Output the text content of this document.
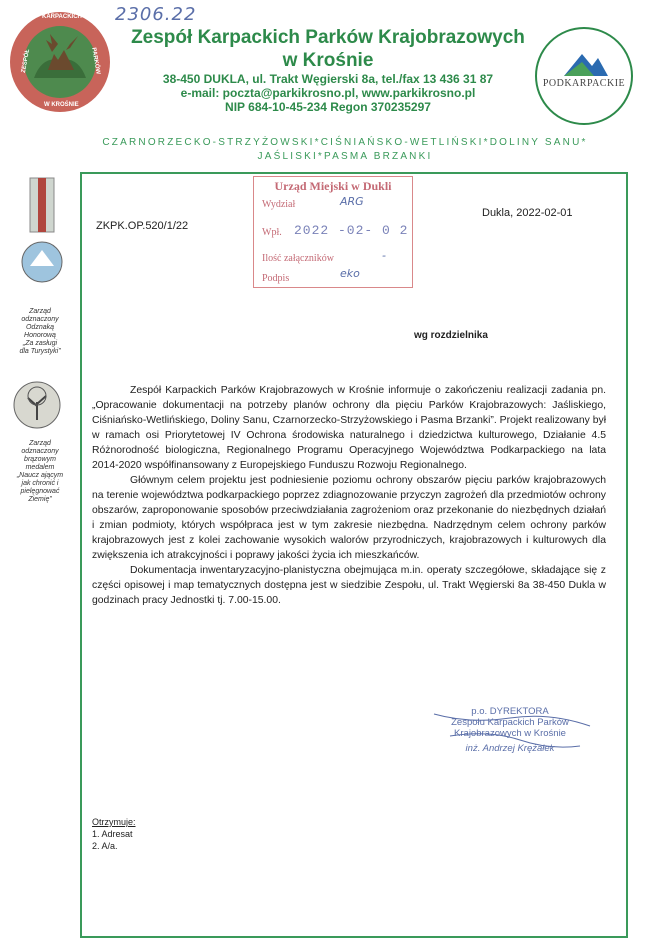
2306.22
KARPACKICH
ZESPÓŁ	PARKÓW
W KROŚNIE
Zespół Karpackich Parków Krajobrazowych
w Krośnie
38-450 DUKLA, ul. Trakt Węgierski 8a, tel./fax 13 436 31 87
e-mail: poczta@parkikrosno.pl, www.parkikrosno.pl
NIP 684-10-45-234 Regon 370235297
PODKARPACKIE
CZARNORZECKO-STRZYŻOWSKI*CIŚNIAŃSKO-WETLIŃSKI*DOLINY SANU*
JAŚLISKI*PASMA BRZANKI
Zarząd
odznaczony
Odznaką
Honorową
„Za zasługi
dla Turystyki”
Zarząd
odznaczony
brązowym
medalem
„Naucz ającym
jak chronić i
pielęgnować
Ziemię”
Urząd Miejski w Dukli
Wydział	ARG
Wpł. 2022 -02- 0 2
Ilość załączników	-
Podpis	eko
ZKPK.OP.520/1/22
Dukla, 2022-02-01
wg rozdzielnika

Zespół Karpackich Parków Krajobrazowych w Krośnie informuje o zakończeniu realizacji zadania pn. „Opracowanie dokumentacji na potrzeby planów ochrony dla pięciu Parków Krajobrazowych: Jaśliskiego, Ciśniańsko-Wetlińskiego, Doliny Sanu, Czarnorzecko-Strzyżowskiego i Pasma Brzanki”. Projekt realizowany był w ramach osi Priorytetowej IV Ochrona środowiska naturalnego i dziedzictwa kulturowego, Działanie 4.5 Różnorodność biologiczna, Regionalnego Programu Operacyjnego Województwa Podkarpackiego na lata 2014-2020 współfinansowany z Europejskiego Funduszu Rozwoju Regionalnego.

Głównym celem projektu jest podniesienie poziomu ochrony obszarów pięciu parków krajobrazowych na terenie województwa podkarpackiego poprzez zdiagnozowanie przyczyn zagrożeń dla przedmiotów ochrony obszarów, zaproponowanie sposobów przeciwdziałania zagrożeniom oraz przekonanie do niezbędnych działań i zmian podmioty, których współpraca jest w tym zakresie niezbędna. Nadrzędnym celem ochrony parków krajobrazowych jest z kolei zachowanie wysokich walorów przyrodniczych, krajobrazowych i kulturowych dla zwiększenia ich atrakcyjności i poprawy jakości życia ich mieszkańców.

Dokumentacja inwentaryzacyjno-planistyczna obejmująca m.in. operaty szczegółowe, składające się z części opisowej i map tematycznych dostępna jest w siedzibie Zespołu, ul. Trakt Węgierski 8a 38-450 Dukla w godzinach pracy Jednostki tj. 7.00-15.00.

p.o. DYREKTORA
Zespołu Karpackich Parków
Krajobrazowych w Krośnie
inż. Andrzej Krężałek
Otrzymuje:
1. Adresat
2. A/a.
